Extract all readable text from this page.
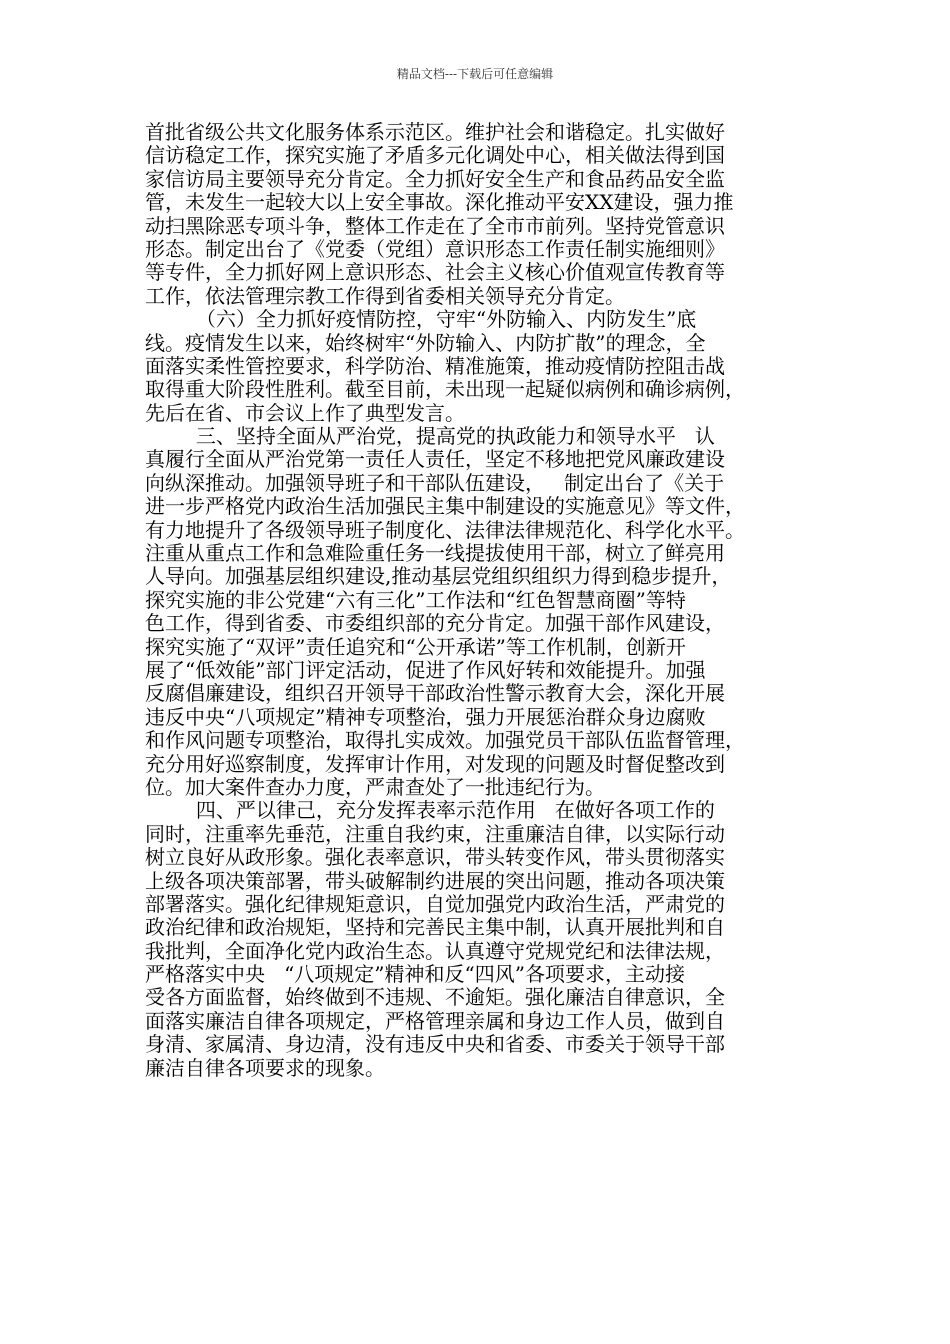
精品文档---下载后可任意编辑
首批省级公共文化服务体系示范区。维护社会和谐稳定。扎实做好
信访稳定工作，探究实施了矛盾多元化调处中心，相关做法得到国
家信访局主要领导充分肯定。全力抓好安全生产和食品药品安全监
管，未发生一起较大以上安全事故。深化推动平安XX建设，强力推
动扫黑除恶专项斗争，整体工作走在了全市市前列。坚持党管意识
形态。制定出台了《党委（党组）意识形态工作责任制实施细则》
等专件，全力抓好网上意识形态、社会主义核心价值观宣传教育等
工作，依法管理宗教工作得到省委相关领导充分肯定。
（六）全力抓好疫情防控，守牢“外防输入、内防发生”底
线。疫情发生以来，始终树牢“外防输入、内防扩散”的理念，全
面落实柔性管控要求，科学防治、精准施策，推动疫情防控阻击战
取得重大阶段性胜利。截至目前，未出现一起疑似病例和确诊病例，
先后在省、市会议上作了典型发言。
三、坚持全面从严治党，提高党的执政能力和领导水平   认
真履行全面从严治党第一责任人责任，坚定不移地把党风廉政建设
向纵深推动。加强领导班子和干部队伍建设，   制定出台了《关于
进一步严格党内政治生活加强民主集中制建设的实施意见》等文件，
有力地提升了各级领导班子制度化、法律法律规范化、科学化水平。
注重从重点工作和急难险重任务一线提拔使用干部，树立了鲜亮用
人导向。加强基层组织建设,推动基层党组织组织力得到稳步提升，
探究实施的非公党建“六有三化”工作法和“红色智慧商圈”等特
色工作，得到省委、市委组织部的充分肯定。加强干部作风建设，
探究实施了“双评”责任追究和“公开承诺”等工作机制，创新开
展了“低效能”部门评定活动，促进了作风好转和效能提升。加强
反腐倡廉建设，组织召开领导干部政治性警示教育大会，深化开展
违反中央“八项规定”精神专项整治，强力开展惩治群众身边腐败
和作风问题专项整治，取得扎实成效。加强党员干部队伍监督管理，
充分用好巡察制度，发挥审计作用，对发现的问题及时督促整改到
位。加大案件查办力度，严肃查处了一批违纪行为。
四、严以律己，充分发挥表率示范作用   在做好各项工作的
同时，注重率先垂范，注重自我约束，注重廉洁自律，以实际行动
树立良好从政形象。强化表率意识，带头转变作风，带头贯彻落实
上级各项决策部署，带头破解制约进展的突出问题，推动各项决策
部署落实。强化纪律规矩意识，自觉加强党内政治生活，严肃党的
政治纪律和政治规矩，坚持和完善民主集中制，认真开展批判和自
我批判，全面净化党内政治生态。认真遵守党规党纪和法律法规，
严格落实中央   “八项规定”精神和反“四风”各项要求，主动接
受各方面监督，始终做到不违规、不逾矩。强化廉洁自律意识，全
面落实廉洁自律各项规定，严格管理亲属和身边工作人员，做到自
身清、家属清、身边清，没有违反中央和省委、市委关于领导干部
廉洁自律各项要求的现象。
